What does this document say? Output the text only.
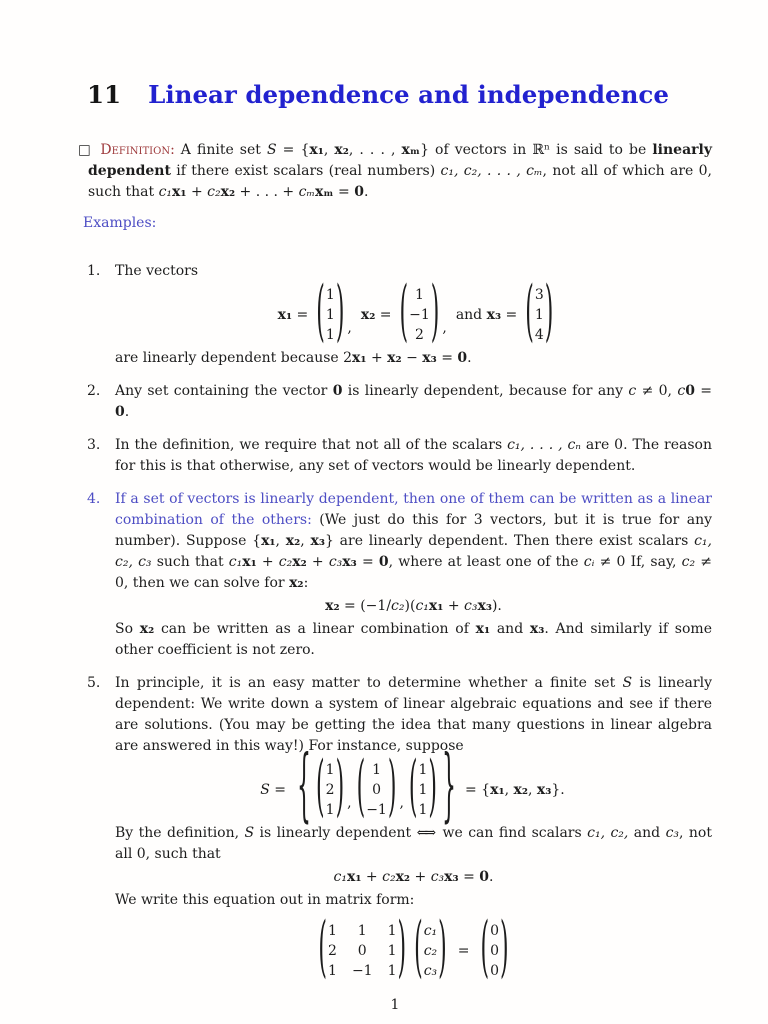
11 Linear dependence and independence

□ Definition: A finite set S = {x₁, x₂, . . . , xₘ} of vectors in ℝⁿ is said to be linearly dependent if there exist scalars (real numbers) c₁, c₂, . . . , cₘ, not all of which are 0, such that c₁x₁ + c₂x₂ + . . . + cₘxₘ = 0.

Examples:
1. The vectors

x₁ = ( 1
1
1 ) ,
x₂ = ( 1
−1
2 ) ,
and x₃ = ( 3
1
4 )

are linearly dependent because 2x₁ + x₂ − x₃ = 0.

2. Any set containing the vector 0 is linearly dependent, because for any c ≠ 0, c0 = 0.

3. In the definition, we require that not all of the scalars c₁, . . . , cₙ are 0. The reason for this is that otherwise, any set of vectors would be linearly dependent.

4. If a set of vectors is linearly dependent, then one of them can be written as a linear combination of the others: (We just do this for 3 vectors, but it is true for any number). Suppose {x₁, x₂, x₃} are linearly dependent. Then there exist scalars c₁, c₂, c₃ such that c₁x₁ + c₂x₂ + c₃x₃ = 0, where at least one of the cᵢ ≠ 0 If, say, c₂ ≠ 0, then we can solve for x₂:

x₂ = (−1/c₂)(c₁x₁ + c₃x₃).

So x₂ can be written as a linear combination of x₁ and x₃. And similarly if some other coefficient is not zero.

5. In principle, it is an easy matter to determine whether a finite set S is linearly dependent: We write down a system of linear algebraic equations and see if there are solutions. (You may be getting the idea that many questions in linear algebra are answered in this way!) For instance, suppose

S = { ( 1
2
1 ) , ( 1
0
−1 ) , ( 1
1
1 ) } = {x₁, x₂, x₃}.

By the definition, S is linearly dependent ⇐⇒ we can find scalars c₁, c₂, and c₃, not all 0, such that

c₁x₁ + c₂x₂ + c₃x₃ = 0.

We write this equation out in matrix form:

( 1 1 1
2 0 1
1 −1 1 ) ( c₁
c₂
c₃ ) = ( 0
0
0 )
1
